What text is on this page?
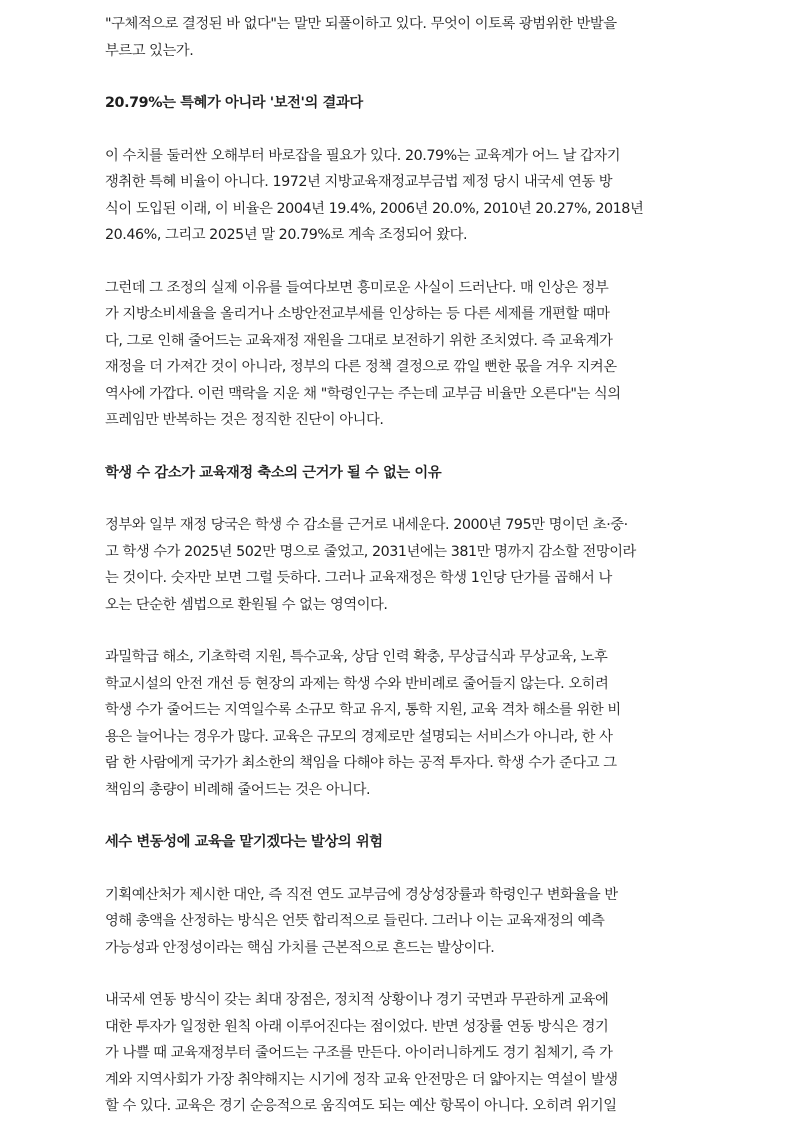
"구체적으로 결정된 바 없다"는 말만 되풀이하고 있다. 무엇이 이토록 광범위한 반발을
부르고 있는가.

20.79%는 특혜가 아니라 '보전'의 결과다

이 수치를 둘러싼 오해부터 바로잡을 필요가 있다. 20.79%는 교육계가 어느 날 갑자기
쟁취한 특혜 비율이 아니다. 1972년 지방교육재정교부금법 제정 당시 내국세 연동 방
식이 도입된 이래, 이 비율은 2004년 19.4%, 2006년 20.0%, 2010년 20.27%, 2018년
20.46%, 그리고 2025년 말 20.79%로 계속 조정되어 왔다.

그런데 그 조정의 실제 이유를 들여다보면 흥미로운 사실이 드러난다. 매 인상은 정부
가 지방소비세율을 올리거나 소방안전교부세를 인상하는 등 다른 세제를 개편할 때마
다, 그로 인해 줄어드는 교육재정 재원을 그대로 보전하기 위한 조치였다. 즉 교육계가
재정을 더 가져간 것이 아니라, 정부의 다른 정책 결정으로 깎일 뻔한 몫을 겨우 지켜온
역사에 가깝다. 이런 맥락을 지운 채 "학령인구는 주는데 교부금 비율만 오른다"는 식의
프레임만 반복하는 것은 정직한 진단이 아니다.

학생 수 감소가 교육재정 축소의 근거가 될 수 없는 이유

정부와 일부 재정 당국은 학생 수 감소를 근거로 내세운다. 2000년 795만 명이던 초·중·
고 학생 수가 2025년 502만 명으로 줄었고, 2031년에는 381만 명까지 감소할 전망이라
는 것이다. 숫자만 보면 그럴 듯하다. 그러나 교육재정은 학생 1인당 단가를 곱해서 나
오는 단순한 셈법으로 환원될 수 없는 영역이다.

과밀학급 해소, 기초학력 지원, 특수교육, 상담 인력 확충, 무상급식과 무상교육, 노후
학교시설의 안전 개선 등 현장의 과제는 학생 수와 반비례로 줄어들지 않는다. 오히려
학생 수가 줄어드는 지역일수록 소규모 학교 유지, 통학 지원, 교육 격차 해소를 위한 비
용은 늘어나는 경우가 많다. 교육은 규모의 경제로만 설명되는 서비스가 아니라, 한 사
람 한 사람에게 국가가 최소한의 책임을 다해야 하는 공적 투자다. 학생 수가 준다고 그
책임의 총량이 비례해 줄어드는 것은 아니다.

세수 변동성에 교육을 맡기겠다는 발상의 위험

기획예산처가 제시한 대안, 즉 직전 연도 교부금에 경상성장률과 학령인구 변화율을 반
영해 총액을 산정하는 방식은 언뜻 합리적으로 들린다. 그러나 이는 교육재정의 예측
가능성과 안정성이라는 핵심 가치를 근본적으로 흔드는 발상이다.

내국세 연동 방식이 갖는 최대 장점은, 정치적 상황이나 경기 국면과 무관하게 교육에
대한 투자가 일정한 원칙 아래 이루어진다는 점이었다. 반면 성장률 연동 방식은 경기
가 나쁠 때 교육재정부터 줄어드는 구조를 만든다. 아이러니하게도 경기 침체기, 즉 가
계와 지역사회가 가장 취약해지는 시기에 정작 교육 안전망은 더 얇아지는 역설이 발생
할 수 있다. 교육은 경기 순응적으로 움직여도 되는 예산 항목이 아니다. 오히려 위기일
